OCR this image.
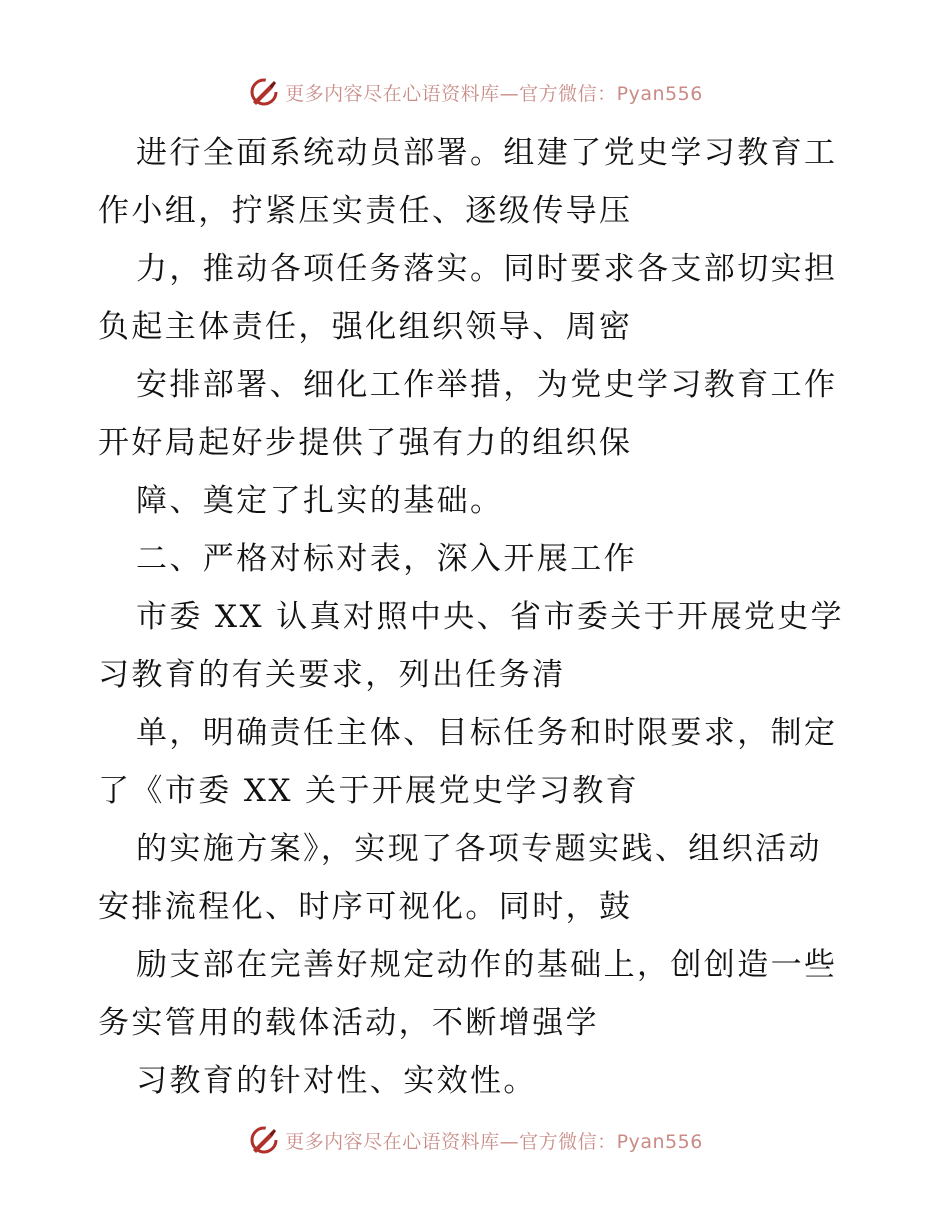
更多内容尽在心语资料库—官方微信：Pyan556
进行全面系统动员部署。组建了党史学习教育工
作小组，拧紧压实责任、逐级传导压
力，推动各项任务落实。同时要求各支部切实担
负起主体责任，强化组织领导、周密
安排部署、细化工作举措，为党史学习教育工作
开好局起好步提供了强有力的组织保
障、奠定了扎实的基础。
二、严格对标对表，深入开展工作
市委 XX 认真对照中央、省市委关于开展党史学
习教育的有关要求，列出任务清
单，明确责任主体、目标任务和时限要求，制定
了《市委 XX 关于开展党史学习教育
的实施方案》，实现了各项专题实践、组织活动
安排流程化、时序可视化。同时，鼓
励支部在完善好规定动作的基础上，创创造一些
务实管用的载体活动，不断增强学
习教育的针对性、实效性。
更多内容尽在心语资料库—官方微信：Pyan556
